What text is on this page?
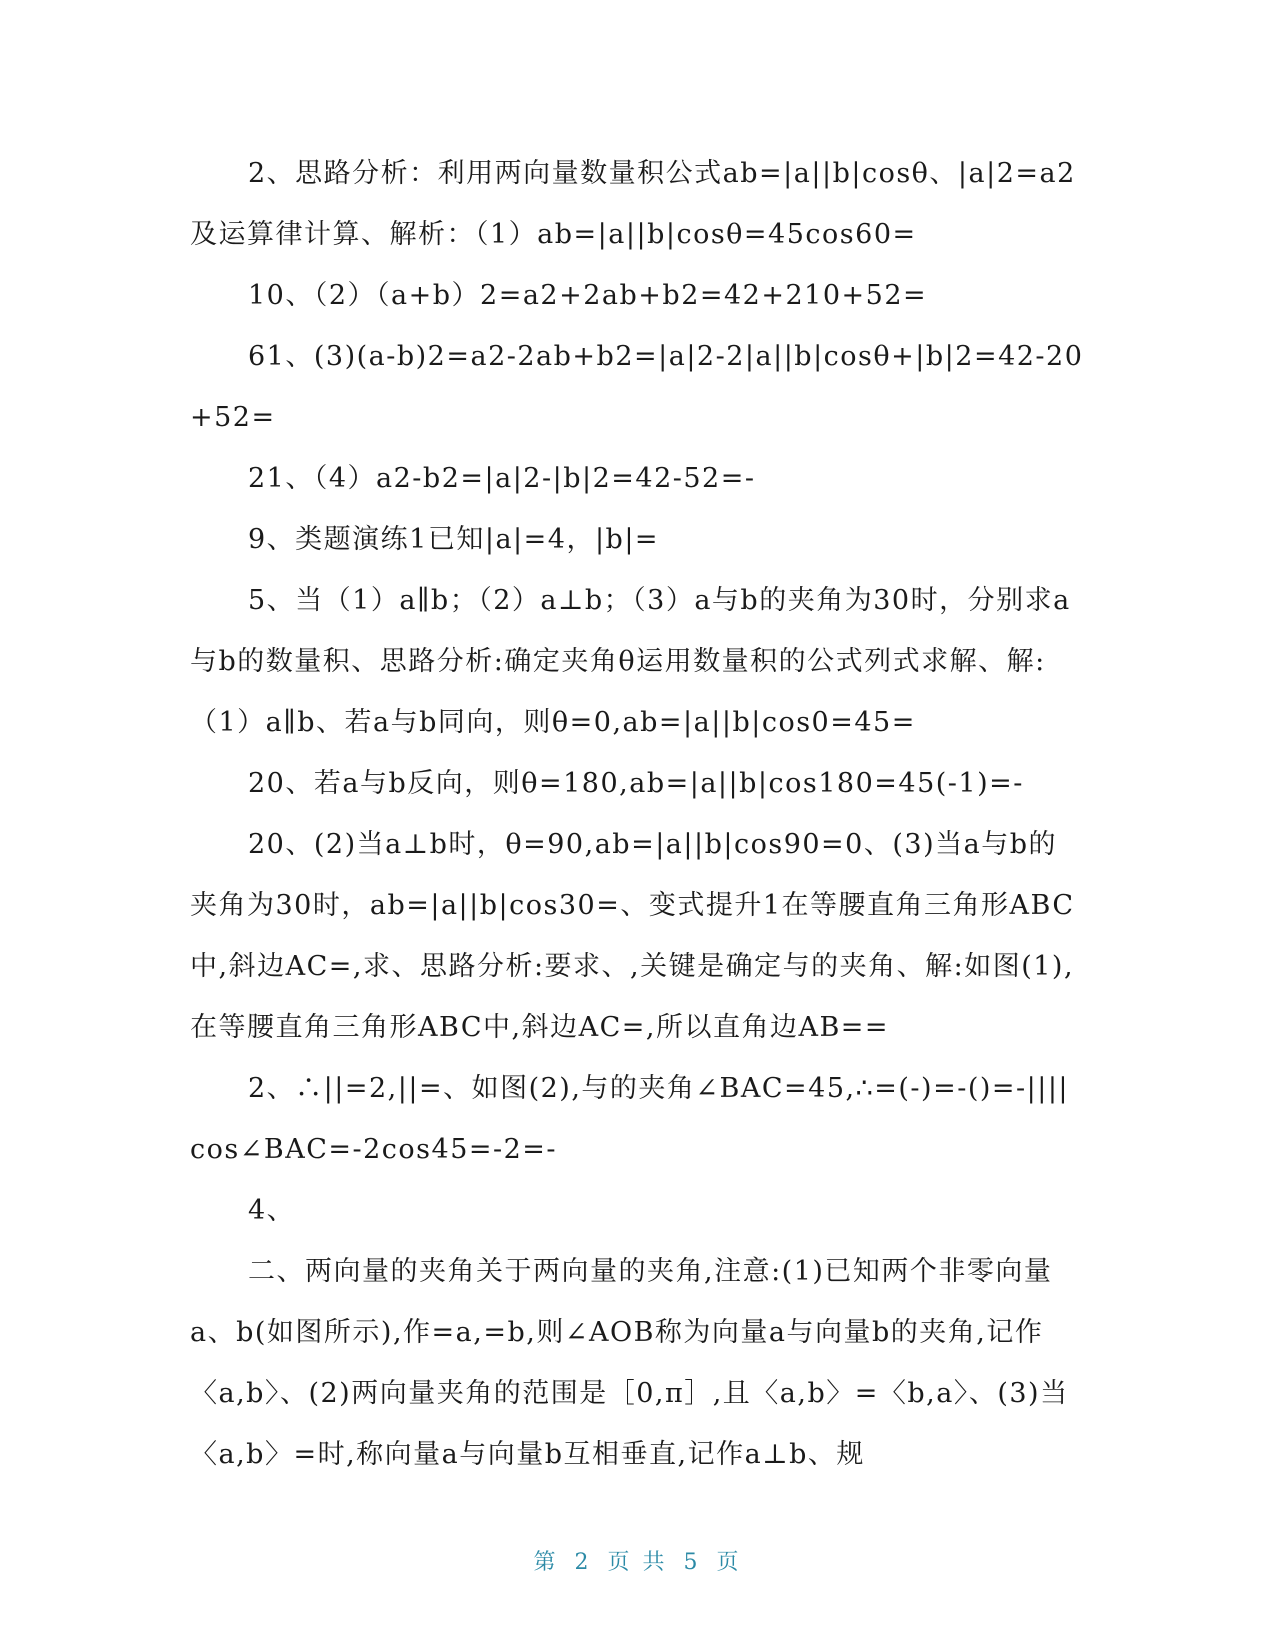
2、思路分析：利用两向量数量积公式ab=|a||b|cosθ、|a|2=a2及运算律计算、解析：（1）ab=|a||b|cosθ=45cos60=

10、（2）（a+b）2=a2+2ab+b2=42+210+52=

61、(3)(a-b)2=a2-2ab+b2=|a|2-2|a||b|cosθ+|b|2=42-20+52=

21、（4）a2-b2=|a|2-|b|2=42-52=-

9、类题演练1已知|a|=4，|b|=

5、当（1）a∥b；（2）a⊥b；（3）a与b的夹角为30时，分别求a与b的数量积、思路分析:确定夹角θ运用数量积的公式列式求解、解:（1）a∥b、若a与b同向，则θ=0,ab=|a||b|cos0=45=

20、若a与b反向，则θ=180,ab=|a||b|cos180=45(-1)=-

20、(2)当a⊥b时，θ=90,ab=|a||b|cos90=0、(3)当a与b的夹角为30时，ab=|a||b|cos30=、变式提升1在等腰直角三角形ABC中,斜边AC=,求、思路分析:要求、,关键是确定与的夹角、解:如图(1),在等腰直角三角形ABC中,斜边AC=,所以直角边AB==

2、∴||=2,||=、如图(2),与的夹角∠BAC=45,∴=(-)=-()=-||||cos∠BAC=-2cos45=-2=-

4、

二、两向量的夹角关于两向量的夹角,注意:(1)已知两个非零向量a、b(如图所示),作=a,=b,则∠AOB称为向量a与向量b的夹角,记作〈a,b〉、(2)两向量夹角的范围是［0,π］,且〈a,b〉=〈b,a〉、(3)当〈a,b〉=时,称向量a与向量b互相垂直,记作a⊥b、规

第 2 页 共 5 页
